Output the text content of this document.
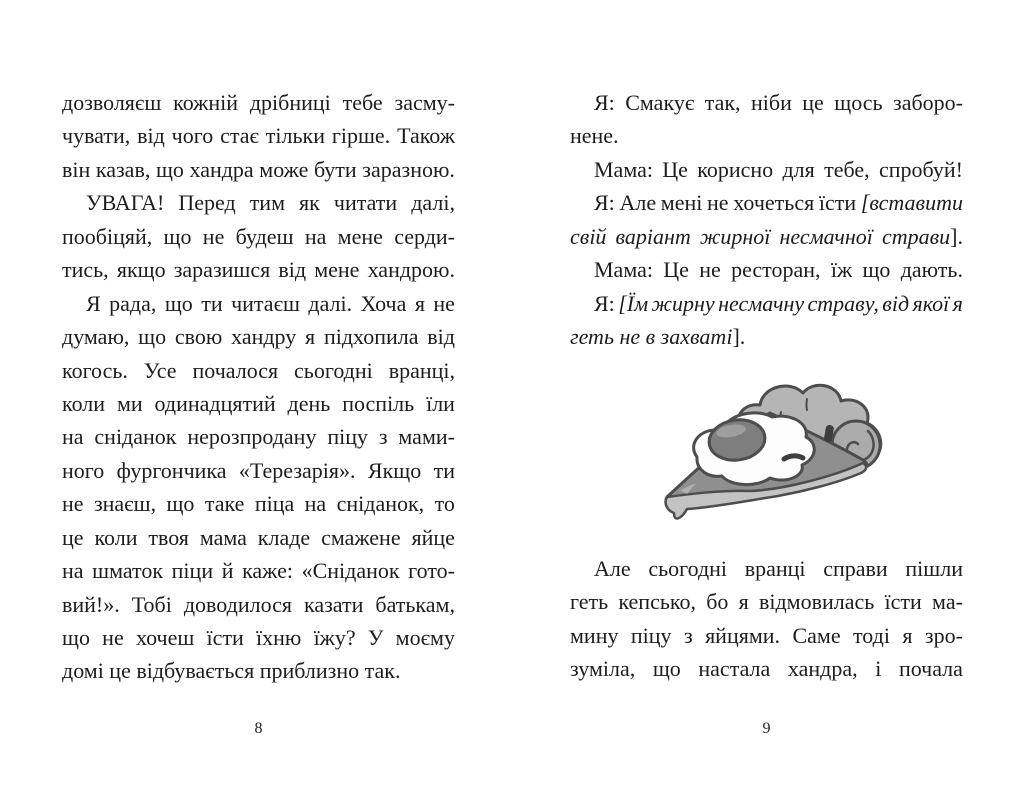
дозволяєш кожній дрібниці тебе засму-
чувати, від чого стає тільки гірше. Також
він казав, що хандра може бути заразною.
УВАГА! Перед тим як читати далі,
пообіцяй, що не будеш на мене серди-
тись, якщо заразишся від мене хандрою.
Я рада, що ти читаєш далі. Хоча я не
думаю, що свою хандру я підхопила від
когось. Усе почалося сьогодні вранці,
коли ми одинадцятий день поспіль їли
на сніданок нерозпродану піцу з мами-
ного фургончика «Терезарія». Якщо ти
не знаєш, що таке піца на сніданок, то
це коли твоя мама кладе смажене яйце
на шматок піци й каже: «Сніданок гото-
вий!». Тобі доводилося казати батькам,
що не хочеш їсти їхню їжу? У моєму
домі це відбувається приблизно так.
Я: Смакує так, ніби це щось заборо-
нене.
Мама: Це корисно для тебе, спробуй!
Я: Але мені не хочеться їсти [вставити
свій варіант жирної несмачної страви].
Мама: Це не ресторан, їж що дають.
Я: [Їм жирну несмачну страву, від якої я
геть не в захваті].
Але сьогодні вранці справи пішли
геть кепсько, бо я відмовилась їсти ма-
мину піцу з яйцями. Саме тоді я зро-
зуміла, що настала хандра, і почала
8	9
